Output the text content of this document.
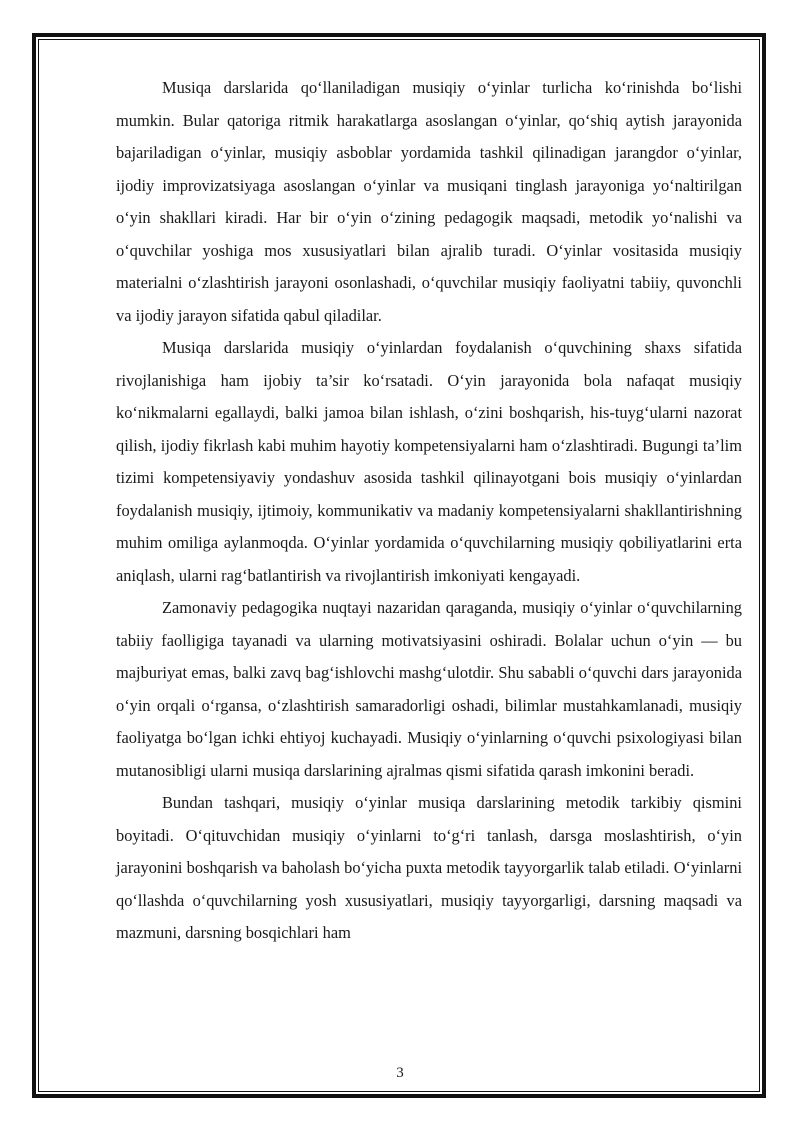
Musiqa darslarida qo‘llaniladigan musiqiy o‘yinlar turlicha ko‘rinishda bo‘lishi mumkin. Bular qatoriga ritmik harakatlarga asoslangan o‘yinlar, qo‘shiq aytish jarayonida bajariladigan o‘yinlar, musiqiy asboblar yordamida tashkil qilinadigan jarangdor o‘yinlar, ijodiy improvizatsiyaga asoslangan o‘yinlar va musiqani tinglash jarayoniga yo‘naltirilgan o‘yin shakllari kiradi. Har bir o‘yin o‘zining pedagogik maqsadi, metodik yo‘nalishi va o‘quvchilar yoshiga mos xususiyatlari bilan ajralib turadi. O‘yinlar vositasida musiqiy materialni o‘zlashtirish jarayoni osonlashadi, o‘quvchilar musiqiy faoliyatni tabiiy, quvonchli va ijodiy jarayon sifatida qabul qiladilar.

Musiqa darslarida musiqiy o‘yinlardan foydalanish o‘quvchining shaxs sifatida rivojlanishiga ham ijobiy ta’sir ko‘rsatadi. O‘yin jarayonida bola nafaqat musiqiy ko‘nikmalarni egallaydi, balki jamoa bilan ishlash, o‘zini boshqarish, his-tuyg‘ularni nazorat qilish, ijodiy fikrlash kabi muhim hayotiy kompetensiyalarni ham o‘zlashtiradi. Bugungi ta’lim tizimi kompetensiyaviy yondashuv asosida tashkil qilinayotgani bois musiqiy o‘yinlardan foydalanish musiqiy, ijtimoiy, kommunikativ va madaniy kompetensiyalarni shakllantirishning muhim omiliga aylanmoqda. O‘yinlar yordamida o‘quvchilarning musiqiy qobiliyatlarini erta aniqlash, ularni rag‘batlantirish va rivojlantirish imkoniyati kengayadi.

Zamonaviy pedagogika nuqtayi nazaridan qaraganda, musiqiy o‘yinlar o‘quvchilarning tabiiy faolligiga tayanadi va ularning motivatsiyasini oshiradi. Bolalar uchun o‘yin — bu majburiyat emas, balki zavq bag‘ishlovchi mashg‘ulotdir. Shu sababli o‘quvchi dars jarayonida o‘yin orqali o‘rgansa, o‘zlashtirish samaradorligi oshadi, bilimlar mustahkamlanadi, musiqiy faoliyatga bo‘lgan ichki ehtiyoj kuchayadi. Musiqiy o‘yinlarning o‘quvchi psixologiyasi bilan mutanosibligi ularni musiqa darslarining ajralmas qismi sifatida qarash imkonini beradi.

Bundan tashqari, musiqiy o‘yinlar musiqa darslarining metodik tarkibiy qismini boyitadi. O‘qituvchidan musiqiy o‘yinlarni to‘g‘ri tanlash, darsga moslashtirish, o‘yin jarayonini boshqarish va baholash bo‘yicha puxta metodik tayyorgarlik talab etiladi. O‘yinlarni qo‘llashda o‘quvchilarning yosh xususiyatlari, musiqiy tayyorgarligi, darsning maqsadi va mazmuni, darsning bosqichlari ham

3
